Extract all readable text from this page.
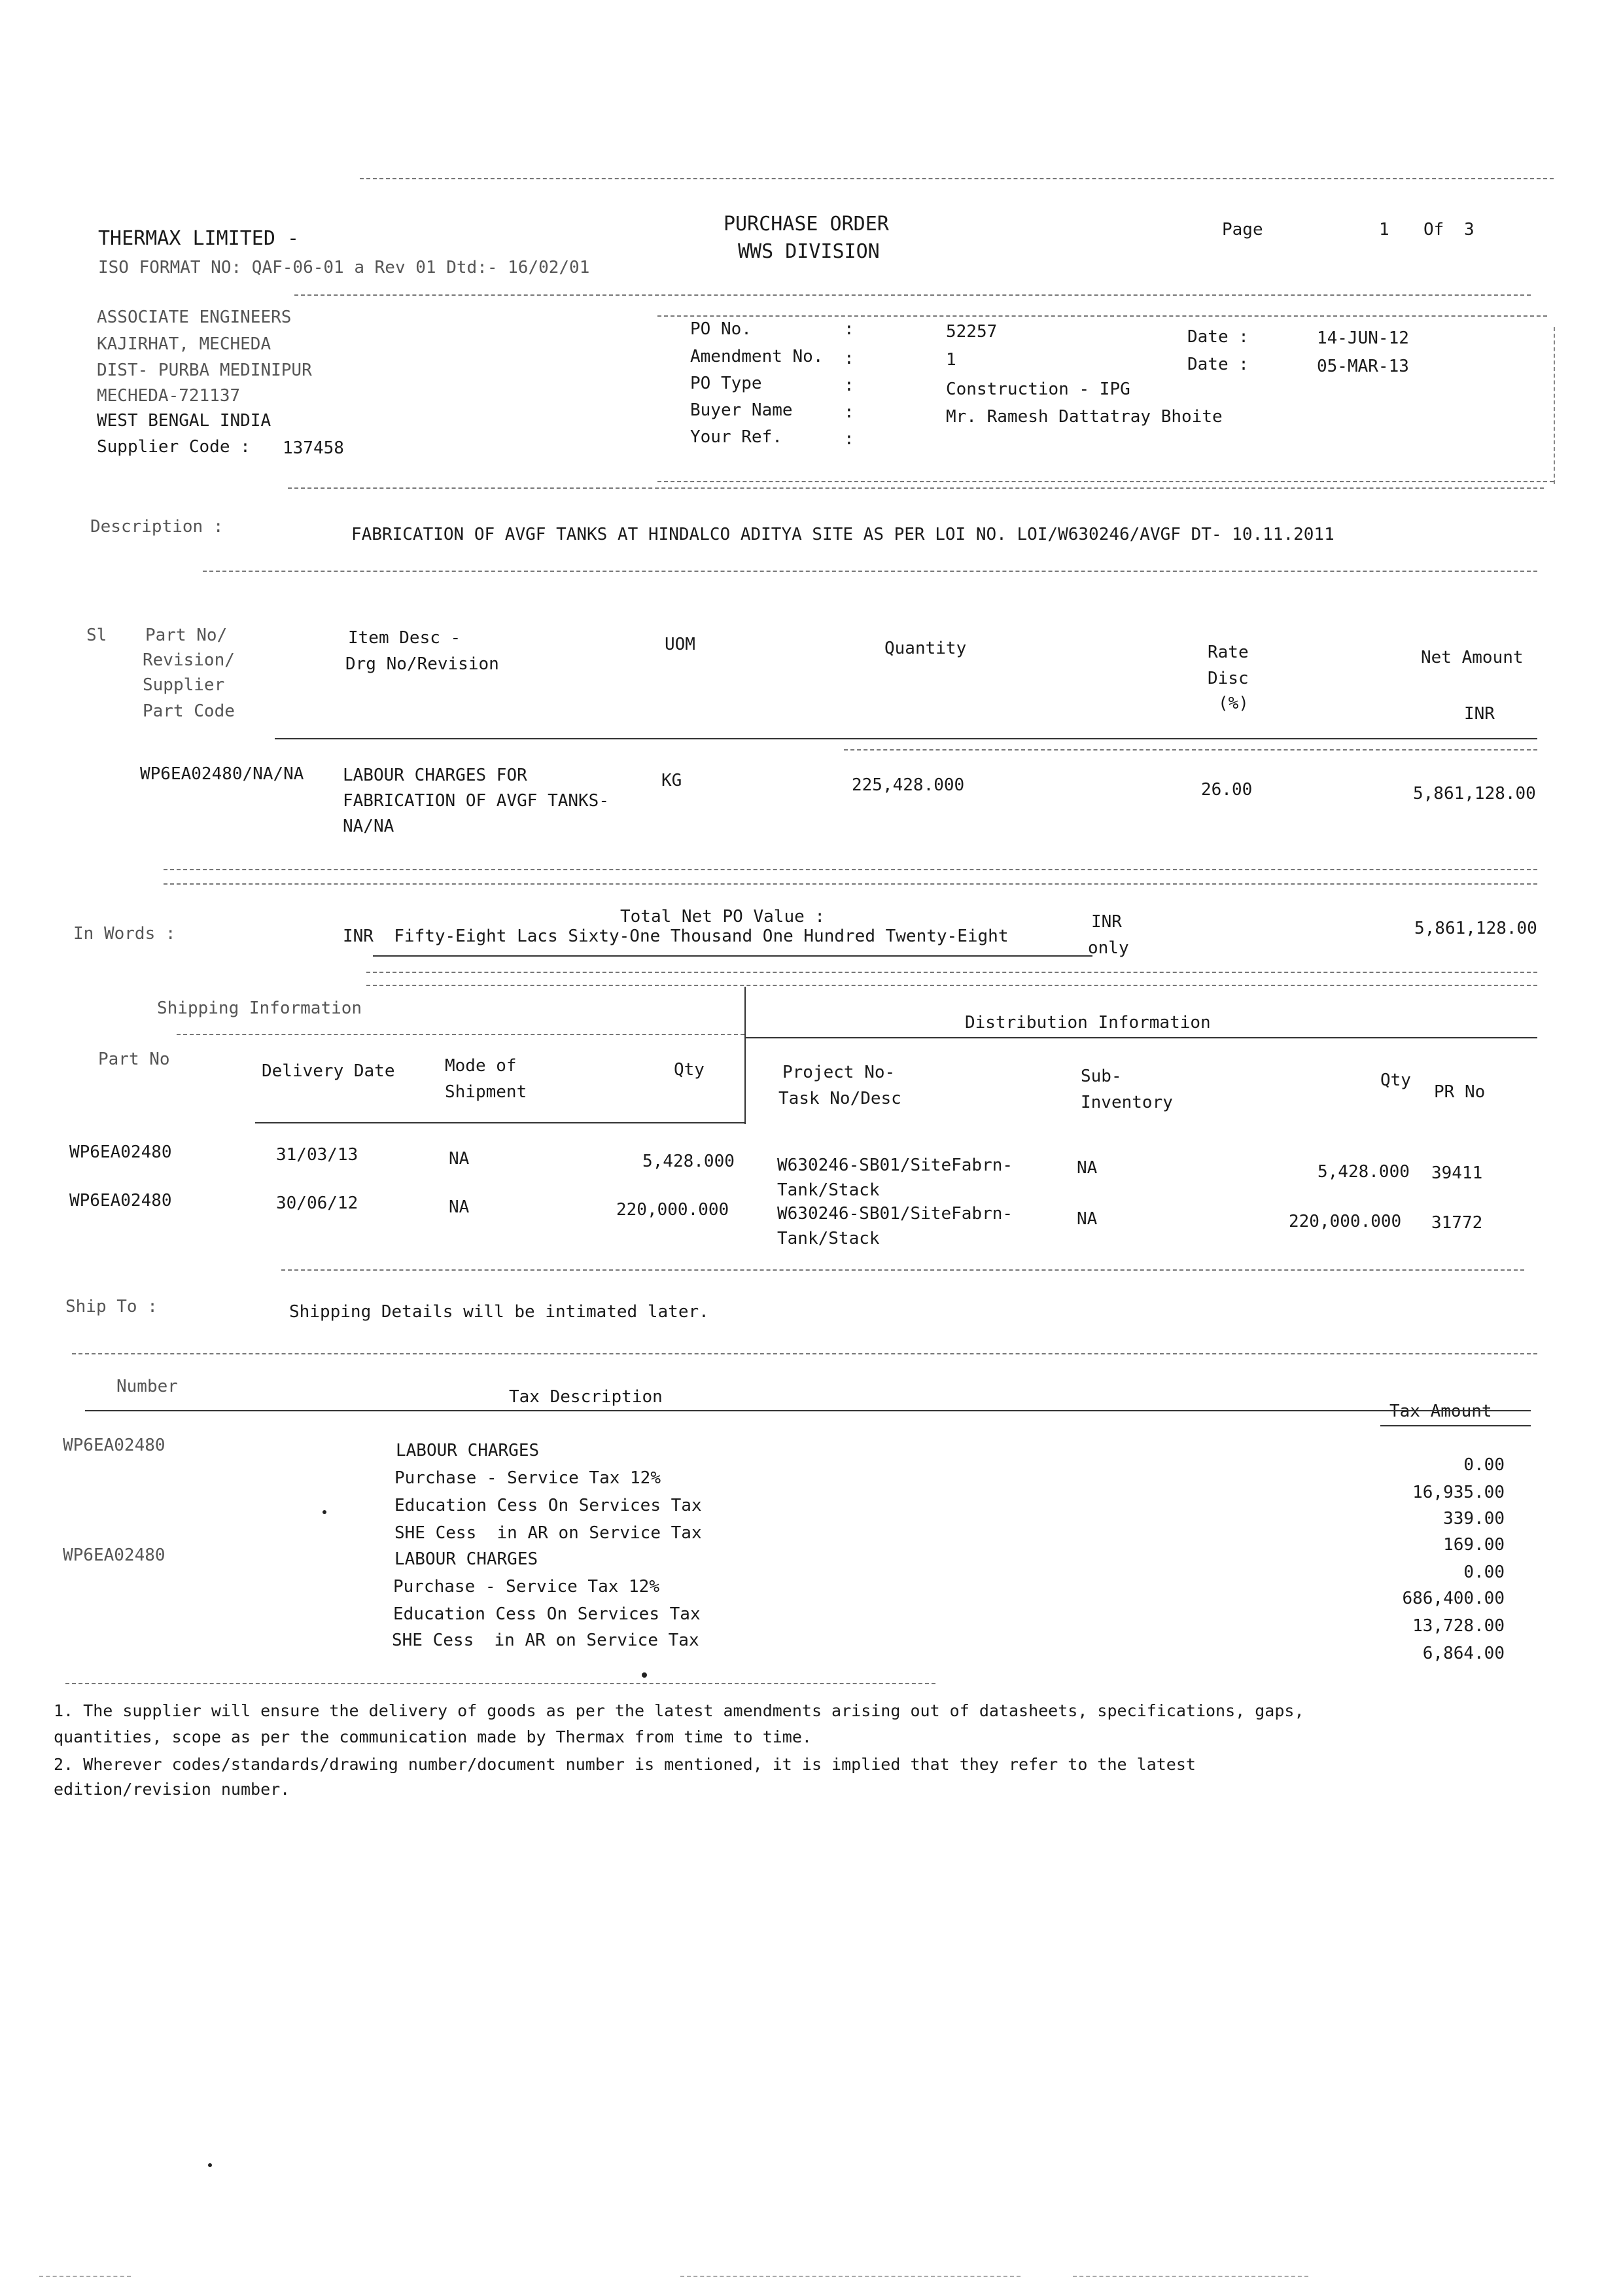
THERMAX LIMITED -
ISO FORMAT NO: QAF-06-01 a Rev 01 Dtd:- 16/02/01
PURCHASE ORDER
WWS DIVISION
Page	1 Of 3
ASSOCIATE ENGINEERS
KAJIRHAT, MECHEDA
DIST- PURBA MEDINIPUR
MECHEDA-721137
WEST BENGAL INDIA
Supplier Code : 137458
PO No.	:	52257	Date :	14-JUN-12
Amendment No. :	1	Date :	05-MAR-13
PO Type	:	Construction - IPG
Buyer Name	:	Mr. Ramesh Dattatray Bhoite
Your Ref.	:
Description :	FABRICATION OF AVGF TANKS AT HINDALCO ADITYA SITE AS PER LOI NO. LOI/W630246/AVGF DT- 10.11.2011
Sl Part No/
Revision/
Supplier
Part Code
Item Desc -
Drg No/Revision
UOM	Quantity	Rate
Disc
(%)
Net Amount
INR
WP6EA02480/NA/NA LABOUR CHARGES FOR
FABRICATION OF AVGF TANKS-
NA/NA
KG	225,428.000	26.00	5,861,128.00
Total Net PO Value :	INR	5,861,128.00
In Words :	INR  Fifty-Eight Lacs Sixty-One Thousand One Hundred Twenty-Eight
only
Shipping Information
Distribution Information
Part No
Delivery Date	Mode of
Shipment
Qty	Project No-
Task No/Desc
Sub-
Inventory
Qty
PR No
WP6EA02480	31/03/13	NA	5,428.000	W630246-SB01/SiteFabrn-
Tank/Stack
NA	5,428.000 39411
WP6EA02480	30/06/12	NA	220,000.000	W630246-SB01/SiteFabrn-
Tank/Stack
NA	220,000.000 31772
Ship To :	Shipping Details will be intimated later.
Number
Tax Description
Tax Amount
WP6EA02480	LABOUR CHARGES
0.00
Purchase - Service Tax 12%
16,935.00
Education Cess On Services Tax
339.00
SHE Cess  in AR on Service Tax
169.00
WP6EA02480	LABOUR CHARGES
0.00
Purchase - Service Tax 12%
686,400.00
Education Cess On Services Tax
13,728.00
SHE Cess  in AR on Service Tax
6,864.00
1. The supplier will ensure the delivery of goods as per the latest amendments arising out of datasheets, specifications, gaps,
quantities, scope as per the communication made by Thermax from time to time.
2. Wherever codes/standards/drawing number/document number is mentioned, it is implied that they refer to the latest
edition/revision number.
